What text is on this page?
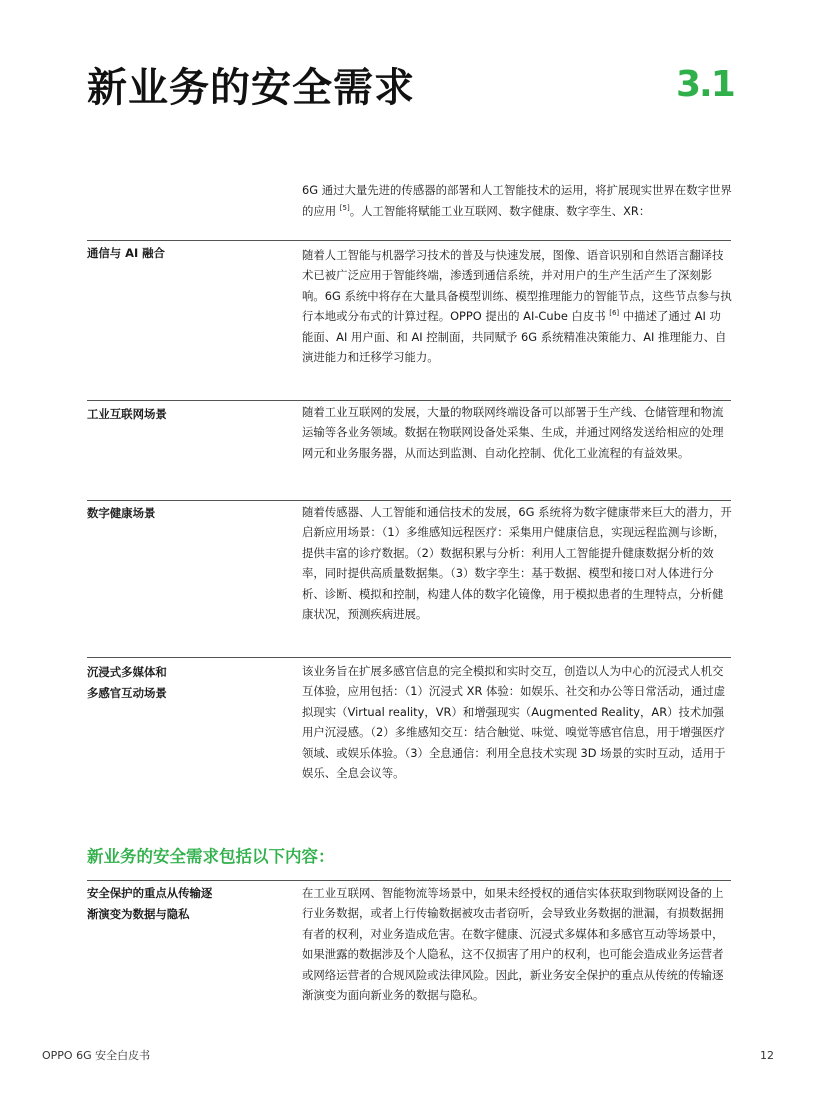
新业务的安全需求	3.1

6G 通过大量先进的传感器的部署和人工智能技术的运用，将扩展现实世界在数字世界的应用 [5]。人工智能将赋能工业互联网、数字健康、数字孪生、XR：

通信与 AI 融合	随着人工智能与机器学习技术的普及与快速发展，图像、语音识别和自然语言翻译技术已被广泛应用于智能终端，渗透到通信系统，并对用户的生产生活产生了深刻影响。6G 系统中将存在大量具备模型训练、模型推理能力的智能节点，这些节点参与执行本地或分布式的计算过程。OPPO 提出的 AI-Cube 白皮书 [6] 中描述了通过 AI 功能面、AI 用户面、和 AI 控制面，共同赋予 6G 系统精准决策能力、AI 推理能力、自演进能力和迁移学习能力。

工业互联网场景	随着工业互联网的发展，大量的物联网终端设备可以部署于生产线、仓储管理和物流运输等各业务领域。数据在物联网设备处采集、生成，并通过网络发送给相应的处理网元和业务服务器，从而达到监测、自动化控制、优化工业流程的有益效果。

数字健康场景	随着传感器、人工智能和通信技术的发展，6G 系统将为数字健康带来巨大的潜力，开启新应用场景：（1）多维感知远程医疗：采集用户健康信息，实现远程监测与诊断，提供丰富的诊疗数据。（2）数据积累与分析：利用人工智能提升健康数据分析的效率，同时提供高质量数据集。（3）数字孪生：基于数据、模型和接口对人体进行分析、诊断、模拟和控制，构建人体的数字化镜像，用于模拟患者的生理特点，分析健康状况，预测疾病进展。

沉浸式多媒体和
多感官互动场景

该业务旨在扩展多感官信息的完全模拟和实时交互，创造以人为中心的沉浸式人机交互体验，应用包括：（1）沉浸式 XR 体验：如娱乐、社交和办公等日常活动，通过虚拟现实（Virtual reality，VR）和增强现实（Augmented Reality，AR）技术加强用户沉浸感。（2）多维感知交互：结合触觉、味觉、嗅觉等感官信息，用于增强医疗领域、或娱乐体验。（3）全息通信：利用全息技术实现 3D 场景的实时互动，适用于娱乐、全息会议等。

新业务的安全需求包括以下内容：

安全保护的重点从传输逐
渐演变为数据与隐私

在工业互联网、智能物流等场景中，如果未经授权的通信实体获取到物联网设备的上行业务数据，或者上行传输数据被攻击者窃听，会导致业务数据的泄漏，有损数据拥有者的权利，对业务造成危害。在数字健康、沉浸式多媒体和多感官互动等场景中，如果泄露的数据涉及个人隐私，这不仅损害了用户的权利，也可能会造成业务运营者或网络运营者的合规风险或法律风险。因此，新业务安全保护的重点从传统的传输逐渐演变为面向新业务的数据与隐私。

OPPO 6G 安全白皮书	12
